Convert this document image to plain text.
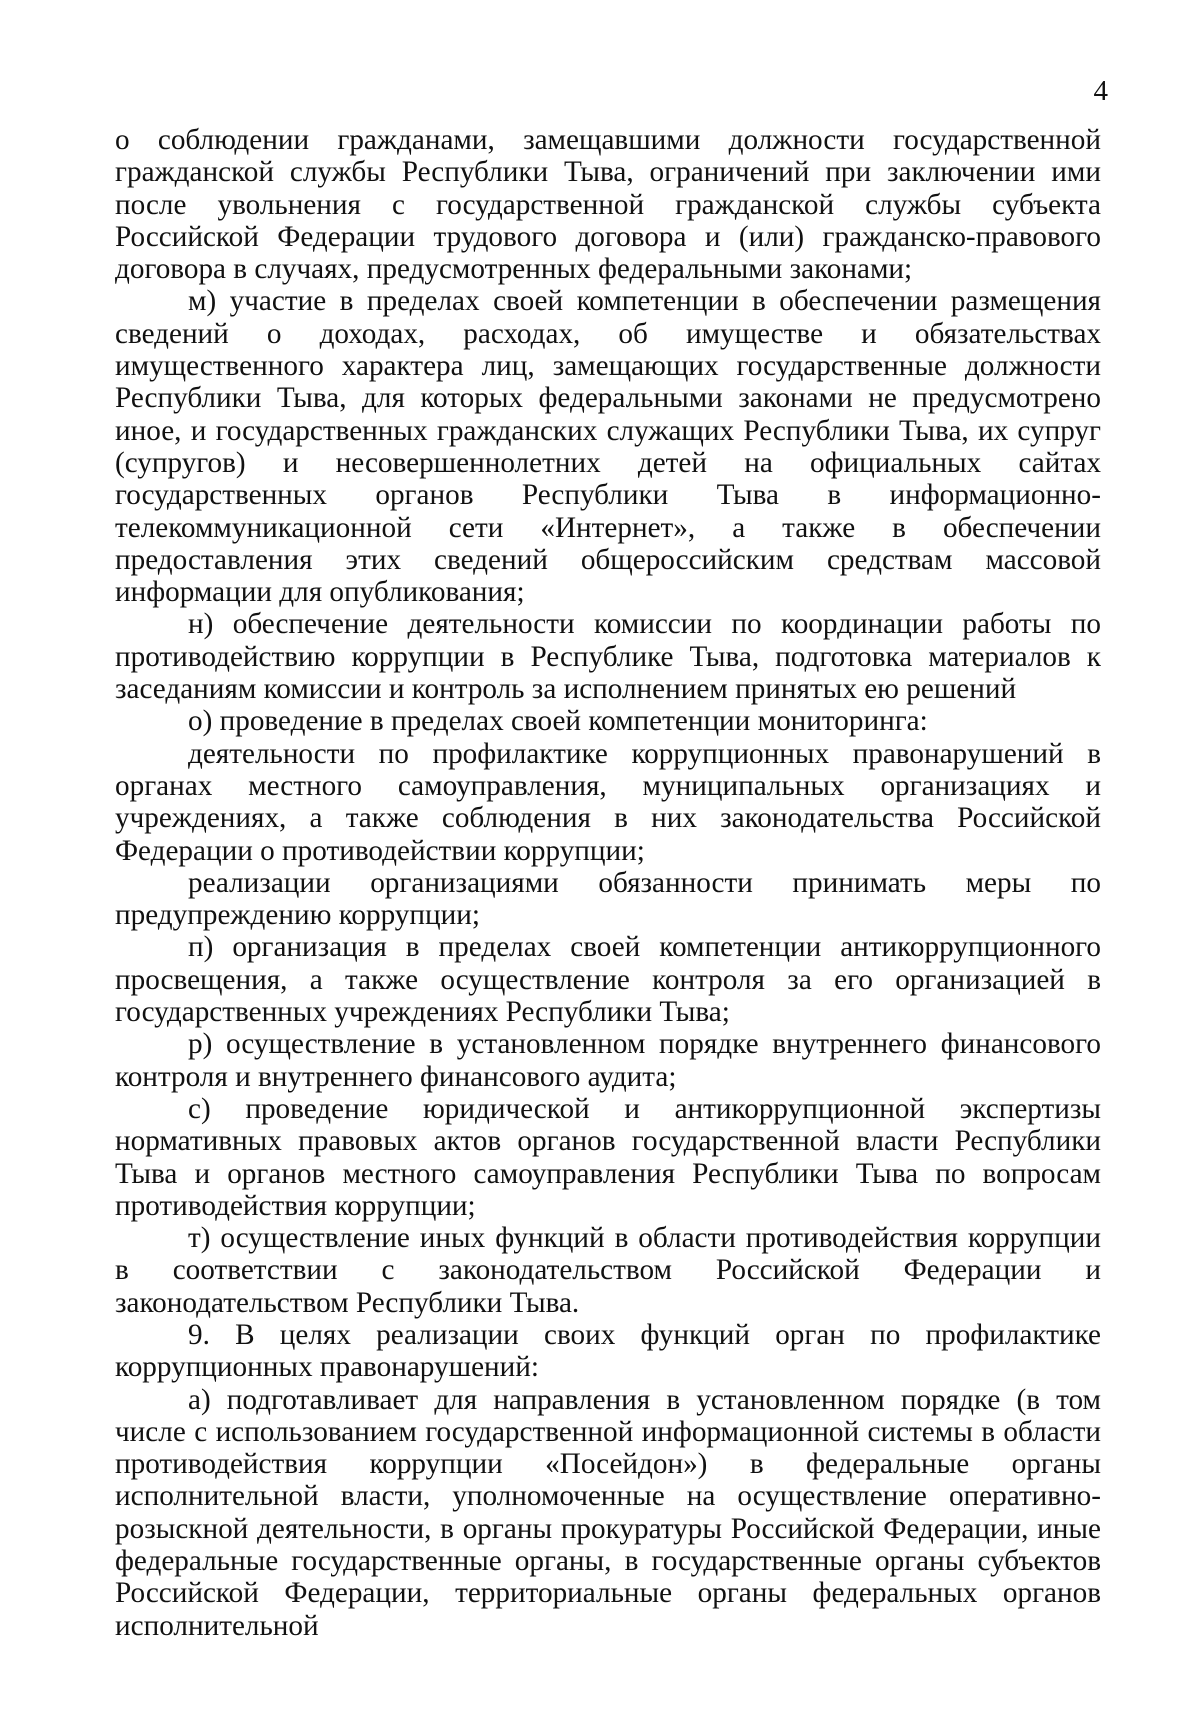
4

о соблюдении гражданами, замещавшими должности государственной гражданской службы Республики Тыва, ограничений при заключении ими после увольнения с государственной гражданской службы субъекта Российской Федерации трудового договора и (или) гражданско-правового договора в случаях, предусмотренных федеральными законами;

м) участие в пределах своей компетенции в обеспечении размещения сведений о доходах, расходах, об имуществе и обязательствах имущественного характера лиц, замещающих государственные должности Республики Тыва, для которых федеральными законами не предусмотрено иное, и государственных гражданских служащих Республики Тыва, их супруг (супругов) и несовершеннолетних детей на официальных сайтах государственных органов Республики Тыва в информационно-телекоммуникационной сети «Интернет», а также в обеспечении предоставления этих сведений общероссийским средствам массовой информации для опубликования;

н) обеспечение деятельности комиссии по координации работы по противодействию коррупции в Республике Тыва, подготовка материалов к заседаниям комиссии и контроль за исполнением принятых ею решений

о) проведение в пределах своей компетенции мониторинга:

деятельности по профилактике коррупционных правонарушений в органах местного самоуправления, муниципальных организациях и учреждениях, а также соблюдения в них законодательства Российской Федерации о противодействии коррупции;

реализации организациями обязанности принимать меры по предупреждению коррупции;

п) организация в пределах своей компетенции антикоррупционного просвещения, а также осуществление контроля за его организацией в государственных учреждениях Республики Тыва;

р) осуществление в установленном порядке внутреннего финансового контроля и внутреннего финансового аудита;

с) проведение юридической и антикоррупционной экспертизы нормативных правовых актов органов государственной власти Республики Тыва и органов местного самоуправления Республики Тыва по вопросам противодействия коррупции;

т) осуществление иных функций в области противодействия коррупции в соответствии с законодательством Российской Федерации и законодательством Республики Тыва.

9. В целях реализации своих функций орган по профилактике коррупционных правонарушений:

а) подготавливает для направления в установленном порядке (в том числе с использованием государственной информационной системы в области противодействия коррупции «Посейдон») в федеральные органы исполнительной власти, уполномоченные на осуществление оперативно-розыскной деятельности, в органы прокуратуры Российской Федерации, иные федеральные государственные органы, в государственные органы субъектов Российской Федерации, территориальные органы федеральных органов исполнительной
